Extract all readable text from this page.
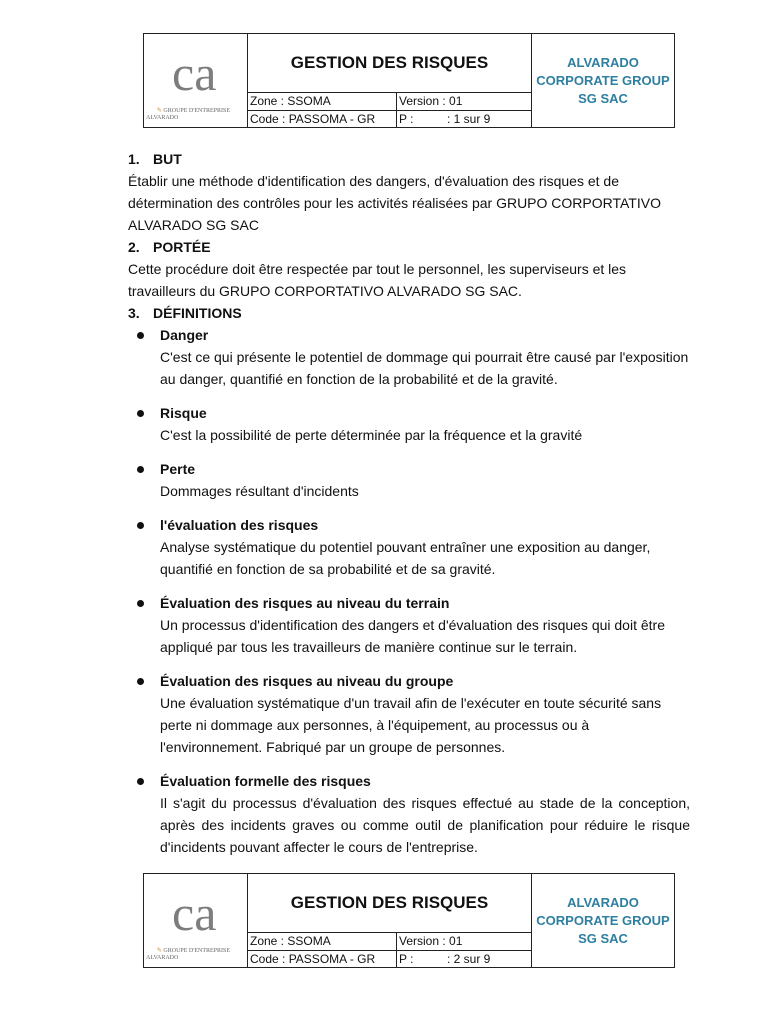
ca
✎ GROUPE D'ENTREPRISE
ALVARADO
GESTION DES RISQUES
Zone : SSOMA	Version : 01
Code : PASSOMA - GR	P :	: 1 sur 9
ALVARADO
CORPORATE GROUP
SG SAC
1. BUT

Établir une méthode d'identification des dangers, d'évaluation des risques et de détermination des contrôles pour les activités réalisées par GRUPO CORPORTATIVO ALVARADO SG SAC

2. PORTÉE

Cette procédure doit être respectée par tout le personnel, les superviseurs et les travailleurs du GRUPO CORPORTATIVO ALVARADO SG SAC.

3. DÉFINITIONS

Danger

C'est ce qui présente le potentiel de dommage qui pourrait être causé par l'exposition au danger, quantifié en fonction de la probabilité et de la gravité.

Risque

C'est la possibilité de perte déterminée par la fréquence et la gravité

Perte

Dommages résultant d'incidents

l'évaluation des risques

Analyse systématique du potentiel pouvant entraîner une exposition au danger, quantifié en fonction de sa probabilité et de sa gravité.

Évaluation des risques au niveau du terrain

Un processus d'identification des dangers et d'évaluation des risques qui doit être appliqué par tous les travailleurs de manière continue sur le terrain.

Évaluation des risques au niveau du groupe

Une évaluation systématique d'un travail afin de l'exécuter en toute sécurité sans perte ni dommage aux personnes, à l'équipement, au processus ou à l'environnement. Fabriqué par un groupe de personnes.

Évaluation formelle des risques

Il s'agit du processus d'évaluation des risques effectué au stade de la conception, après des incidents graves ou comme outil de planification pour réduire le risque d'incidents pouvant affecter le cours de l'entreprise.

ca
✎ GROUPE D'ENTREPRISE
ALVARADO
GESTION DES RISQUES
Zone : SSOMA	Version : 01
Code : PASSOMA - GR	P :	: 2 sur 9
ALVARADO
CORPORATE GROUP
SG SAC
